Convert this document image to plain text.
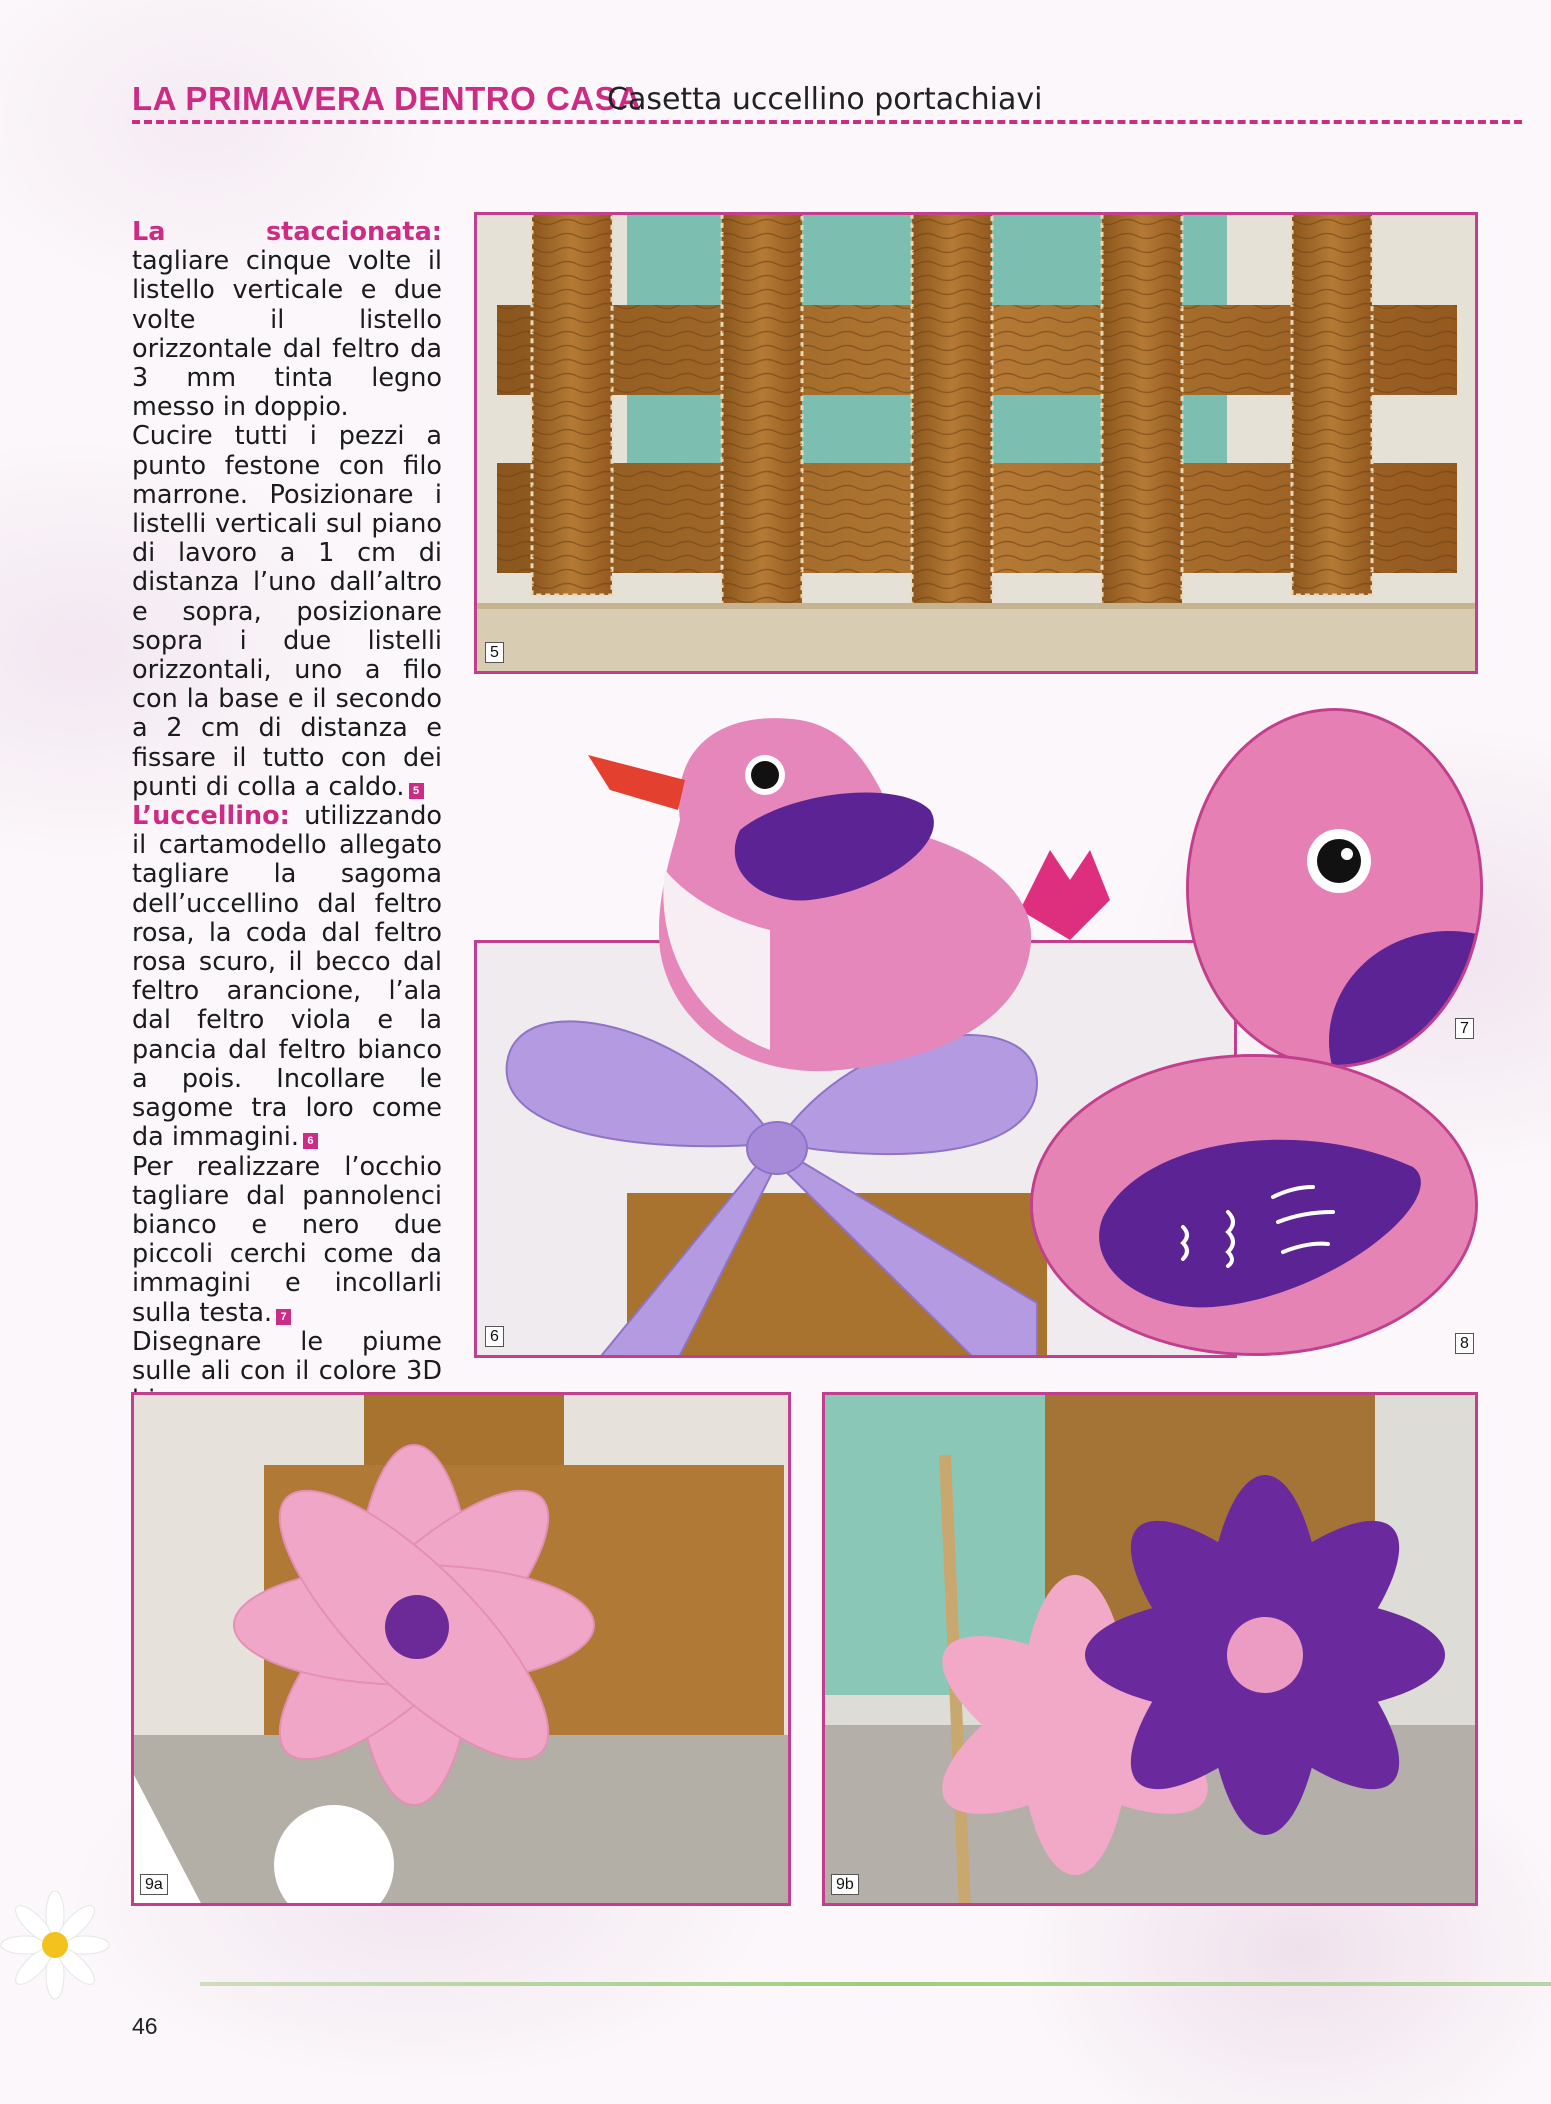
LA PRIMAVERA DENTRO CASA
Casetta uccellino portachiavi

La staccionata: tagliare cinque volte il listello verticale e due volte il listello orizzontale dal feltro da 3 mm tinta legno messo in doppio.

Cucire tutti i pezzi a punto festone con filo marrone. Posizionare i listelli verticali sul piano di lavoro a 1 cm di distanza l’uno dall’altro e sopra, posizionare sopra i due listelli orizzontali, uno a filo con la base e il secondo a 2 cm di distanza e fissare il tutto con dei punti di colla a caldo. 5

L’uccellino: utilizzando il cartamodello allegato tagliare la sagoma dell’uccellino dal feltro rosa, la coda dal feltro rosa scuro, il becco dal feltro arancione, l’ala dal feltro viola e la pancia dal feltro bianco a pois. Incollare le sagome tra loro come da immagini. 6

Per realizzare l’occhio tagliare dal pannolenci bianco e nero due piccoli cerchi come da immagini e incollarli sulla testa. 7

Disegnare le piume sulle ali con il colore 3D

5
6
7
8
9a	9b
46
